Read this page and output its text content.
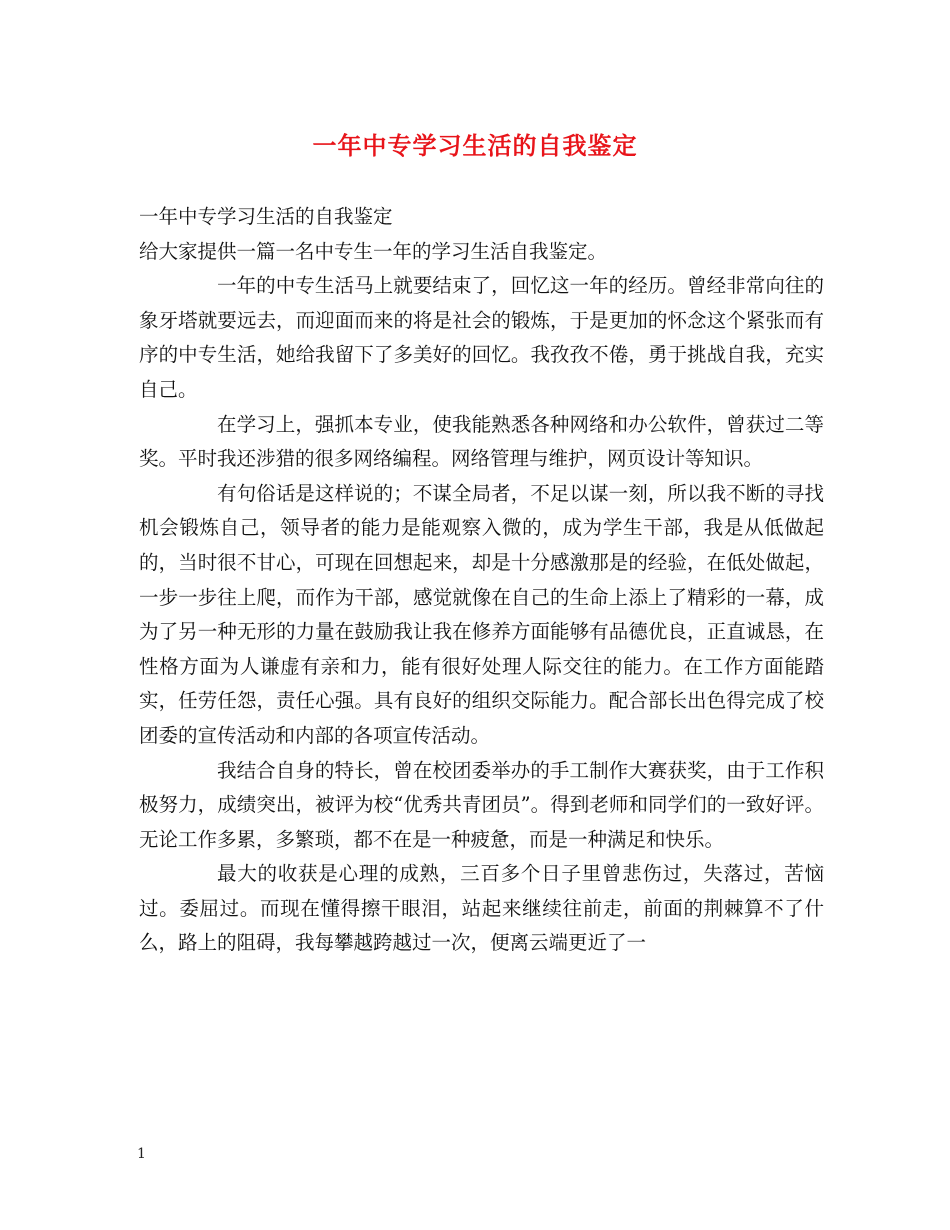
一年中专学习生活的自我鉴定

一年中专学习生活的自我鉴定

给大家提供一篇一名中专生一年的学习生活自我鉴定。

一年的中专生活马上就要结束了，回忆这一年的经历。曾经非常向往的象牙塔就要远去，而迎面而来的将是社会的锻炼，于是更加的怀念这个紧张而有序的中专生活，她给我留下了多美好的回忆。我孜孜不倦，勇于挑战自我，充实自己。

在学习上，强抓本专业，使我能熟悉各种网络和办公软件，曾获过二等奖。平时我还涉猎的很多网络编程。网络管理与维护，网页设计等知识。

有句俗话是这样说的；不谋全局者，不足以谋一刻，所以我不断的寻找机会锻炼自己，领导者的能力是能观察入微的，成为学生干部，我是从低做起的，当时很不甘心，可现在回想起来，却是十分感激那是的经验，在低处做起，一步一步往上爬，而作为干部，感觉就像在自己的生命上添上了精彩的一幕，成为了另一种无形的力量在鼓励我让我在修养方面能够有品德优良，正直诚恳，在性格方面为人谦虚有亲和力，能有很好处理人际交往的能力。在工作方面能踏实，任劳任怨，责任心强。具有良好的组织交际能力。配合部长出色得完成了校团委的宣传活动和内部的各项宣传活动。

我结合自身的特长，曾在校团委举办的手工制作大赛获奖，由于工作积极努力，成绩突出，被评为校“优秀共青团员”。得到老师和同学们的一致好评。无论工作多累，多繁琐，都不在是一种疲惫，而是一种满足和快乐。

最大的收获是心理的成熟，三百多个日子里曾悲伤过，失落过，苦恼过。委屈过。而现在懂得擦干眼泪，站起来继续往前走，前面的荆棘算不了什么，路上的阻碍，我每攀越跨越过一次，便离云端更近了一

1
